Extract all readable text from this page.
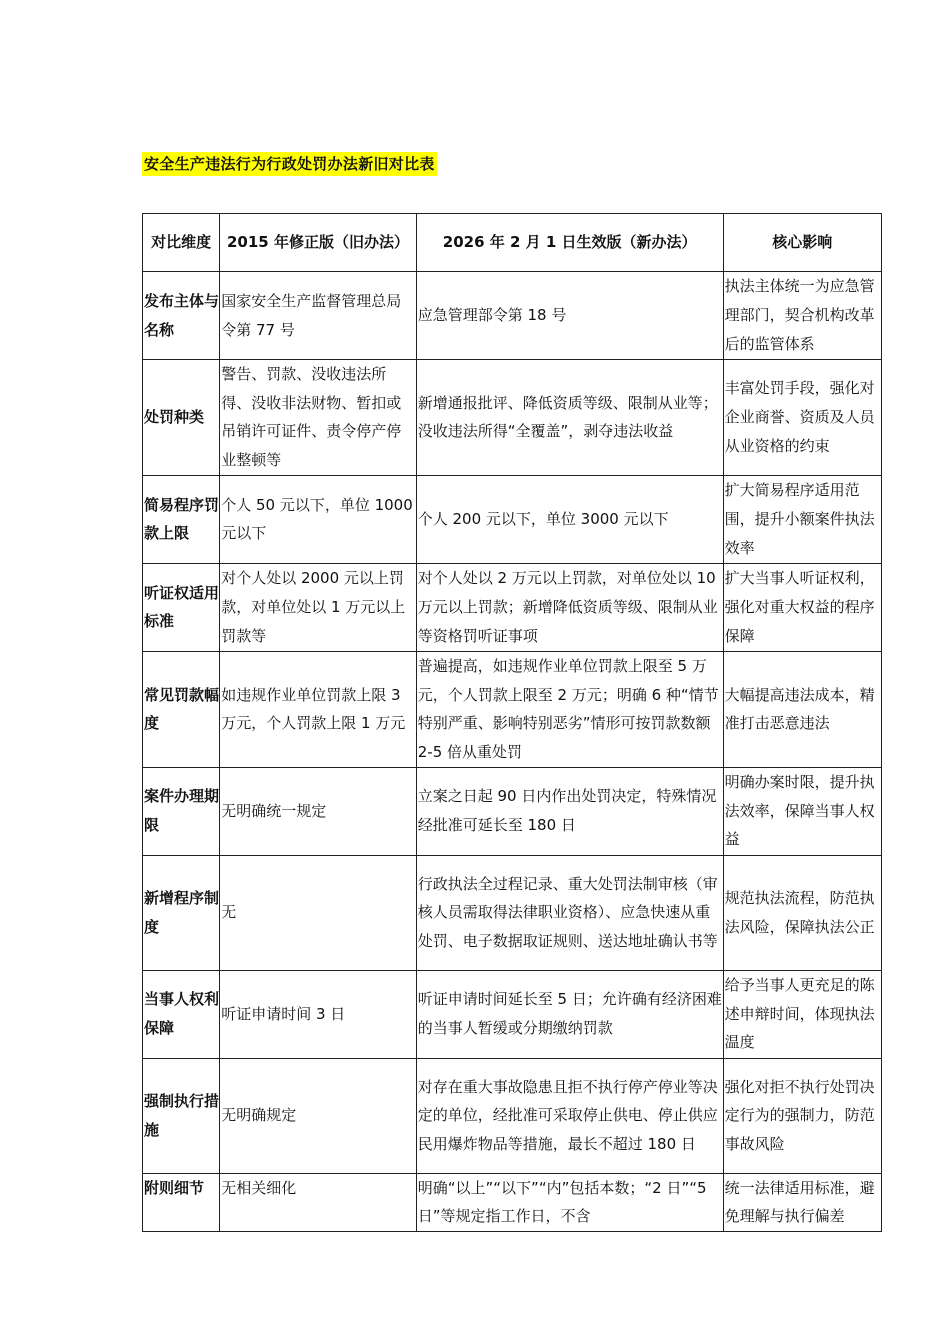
安全生产违法行为行政处罚办法新旧对比表
对比维度	2015 年修正版（旧办法）	2026 年 2 月 1 日生效版（新办法）	核心影响
发布主体与名称	国家安全生产监督管理总局令第 77 号	应急管理部令第 18 号	执法主体统一为应急管理部门，契合机构改革后的监管体系
处罚种类	警告、罚款、没收违法所得、没收非法财物、暂扣或吊销许可证件、责令停产停业整顿等	新增通报批评、降低资质等级、限制从业等；没收违法所得“全覆盖”，剥夺违法收益	丰富处罚手段，强化对企业商誉、资质及人员从业资格的约束
简易程序罚款上限	个人 50 元以下，单位 1000 元以下	个人 200 元以下，单位 3000 元以下	扩大简易程序适用范围，提升小额案件执法效率
听证权适用标准	对个人处以 2000 元以上罚款，对单位处以 1 万元以上罚款等	对个人处以 2 万元以上罚款，对单位处以 10 万元以上罚款；新增降低资质等级、限制从业等资格罚听证事项	扩大当事人听证权利，强化对重大权益的程序保障
常见罚款幅度	如违规作业单位罚款上限 3 万元，个人罚款上限 1 万元	普遍提高，如违规作业单位罚款上限至 5 万元，个人罚款上限至 2 万元；明确 6 种“情节特别严重、影响特别恶劣”情形可按罚款数额 2-5 倍从重处罚	大幅提高违法成本，精准打击恶意违法
案件办理期限	无明确统一规定	立案之日起 90 日内作出处罚决定，特殊情况经批准可延长至 180 日	明确办案时限，提升执法效率，保障当事人权益
新增程序制度	无	行政执法全过程记录、重大处罚法制审核（审核人员需取得法律职业资格）、应急快速从重处罚、电子数据取证规则、送达地址确认书等	规范执法流程，防范执法风险，保障执法公正
当事人权利保障	听证申请时间 3 日	听证申请时间延长至 5 日；允许确有经济困难的当事人暂缓或分期缴纳罚款	给予当事人更充足的陈述申辩时间，体现执法温度
强制执行措施	无明确规定	对存在重大事故隐患且拒不执行停产停业等决定的单位，经批准可采取停止供电、停止供应民用爆炸物品等措施，最长不超过 180 日	强化对拒不执行处罚决定行为的强制力，防范事故风险
附则细节	无相关细化	明确“以上”“以下”“内”包括本数；“2 日”“5 日”等规定指工作日，不含	统一法律适用标准，避免理解与执行偏差
